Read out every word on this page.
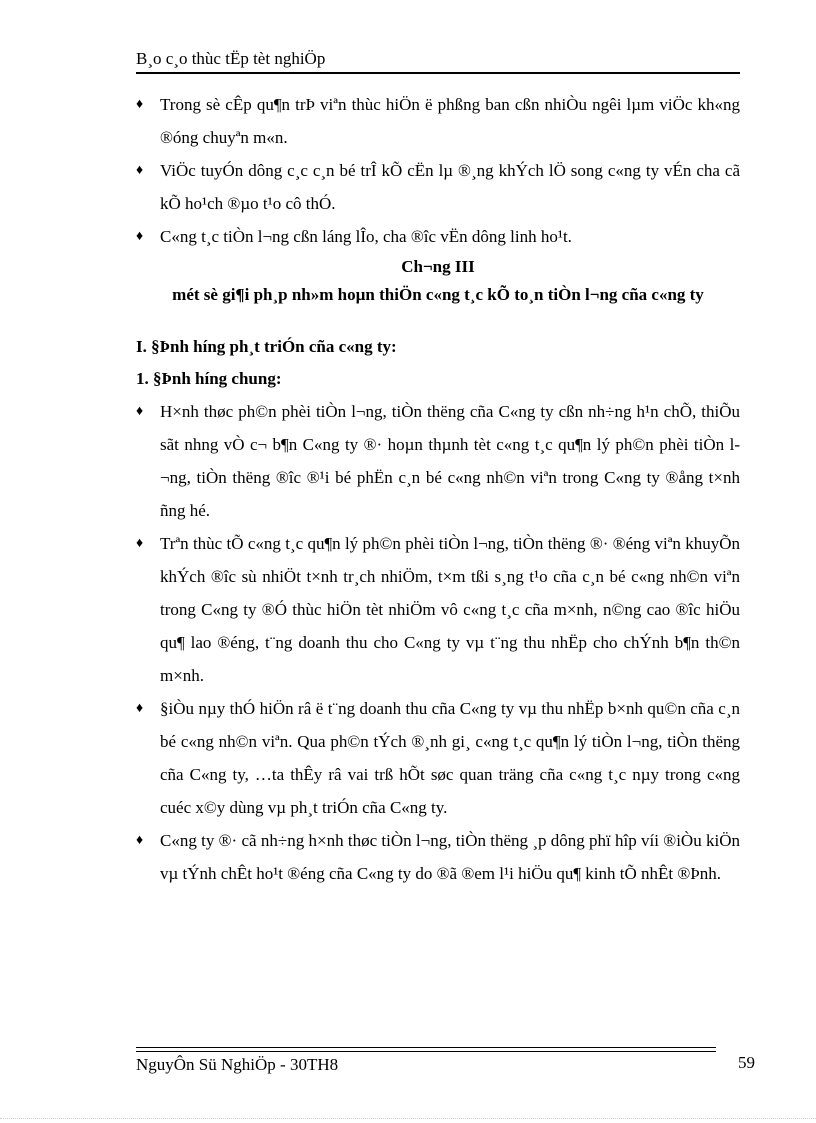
B¸o c¸o thùc tËp tèt nghiÖp

♦ Trong sè cÊp qu¶n trÞ viªn thùc hiÖn ë phßng ban cßn nhiÒu ngêi lµm viÖc kh«ng ®óng chuyªn m«n.

♦ ViÖc tuyÓn dông c¸c c¸n bé trÎ kÕ cËn lµ ®¸ng khÝch lÖ song c«ng ty vÉn cha cã kÕ ho¹ch ®µo t¹o cô thÓ.

♦ C«ng t¸c tiÒn l¬ng cßn láng lÎo, cha ®îc vËn dông linh ho¹t.

Ch¬ng III

mét sè gi¶i ph¸p nh»m hoµn thiÖn c«ng t¸c kÕ to¸n tiÒn l¬ng cña c«ng ty

I. §Þnh híng ph¸t triÓn cña c«ng ty:

1. §Þnh híng chung:

♦ H×nh thøc ph©n phèi tiÒn l¬ng, tiÒn thëng cña C«ng ty cßn nh÷ng h¹n chÕ, thiÕu sãt nhng vÒ c¬ b¶n C«ng ty ®· hoµn thµnh tèt c«ng t¸c qu¶n lý ph©n phèi tiÒn l¬ng, tiÒn thëng ®îc ®¹i bé phËn c¸n bé c«ng nh©n viªn trong C«ng ty ®ång t×nh ñng hé.

♦ Trªn thùc tÕ c«ng t¸c qu¶n lý ph©n phèi tiÒn l¬ng, tiÒn thëng ®· ®éng viªn khuyÕn khÝch ®îc sù nhiÖt t×nh tr¸ch nhiÖm, t×m tßi s¸ng t¹o cña c¸n bé c«ng nh©n viªn trong C«ng ty ®Ó thùc hiÖn tèt nhiÖm vô c«ng t¸c cña m×nh, n©ng cao ®îc hiÖu qu¶ lao ®éng, t¨ng doanh thu cho C«ng ty vµ t¨ng thu nhËp cho chÝnh b¶n th©n m×nh.

♦ §iÒu nµy thÓ hiÖn râ ë t¨ng doanh thu cña C«ng ty vµ thu nhËp b×nh qu©n cña c¸n bé c«ng nh©n viªn. Qua ph©n tÝch ®¸nh gi¸ c«ng t¸c qu¶n lý tiÒn l¬ng, tiÒn thëng cña C«ng ty, …ta thÊy râ vai trß hÕt søc quan träng cña c«ng t¸c nµy trong c«ng cuéc x©y dùng vµ ph¸t triÓn cña C«ng ty.

♦ C«ng ty ®· cã nh÷ng h×nh thøc tiÒn l¬ng, tiÒn thëng ¸p dông phï hîp víi ®iÒu kiÖn vµ tÝnh chÊt ho¹t ®éng cña C«ng ty do ®ã ®em l¹i hiÖu qu¶ kinh tÕ nhÊt ®Þnh.

NguyÔn Sü NghiÖp - 30TH8	59
